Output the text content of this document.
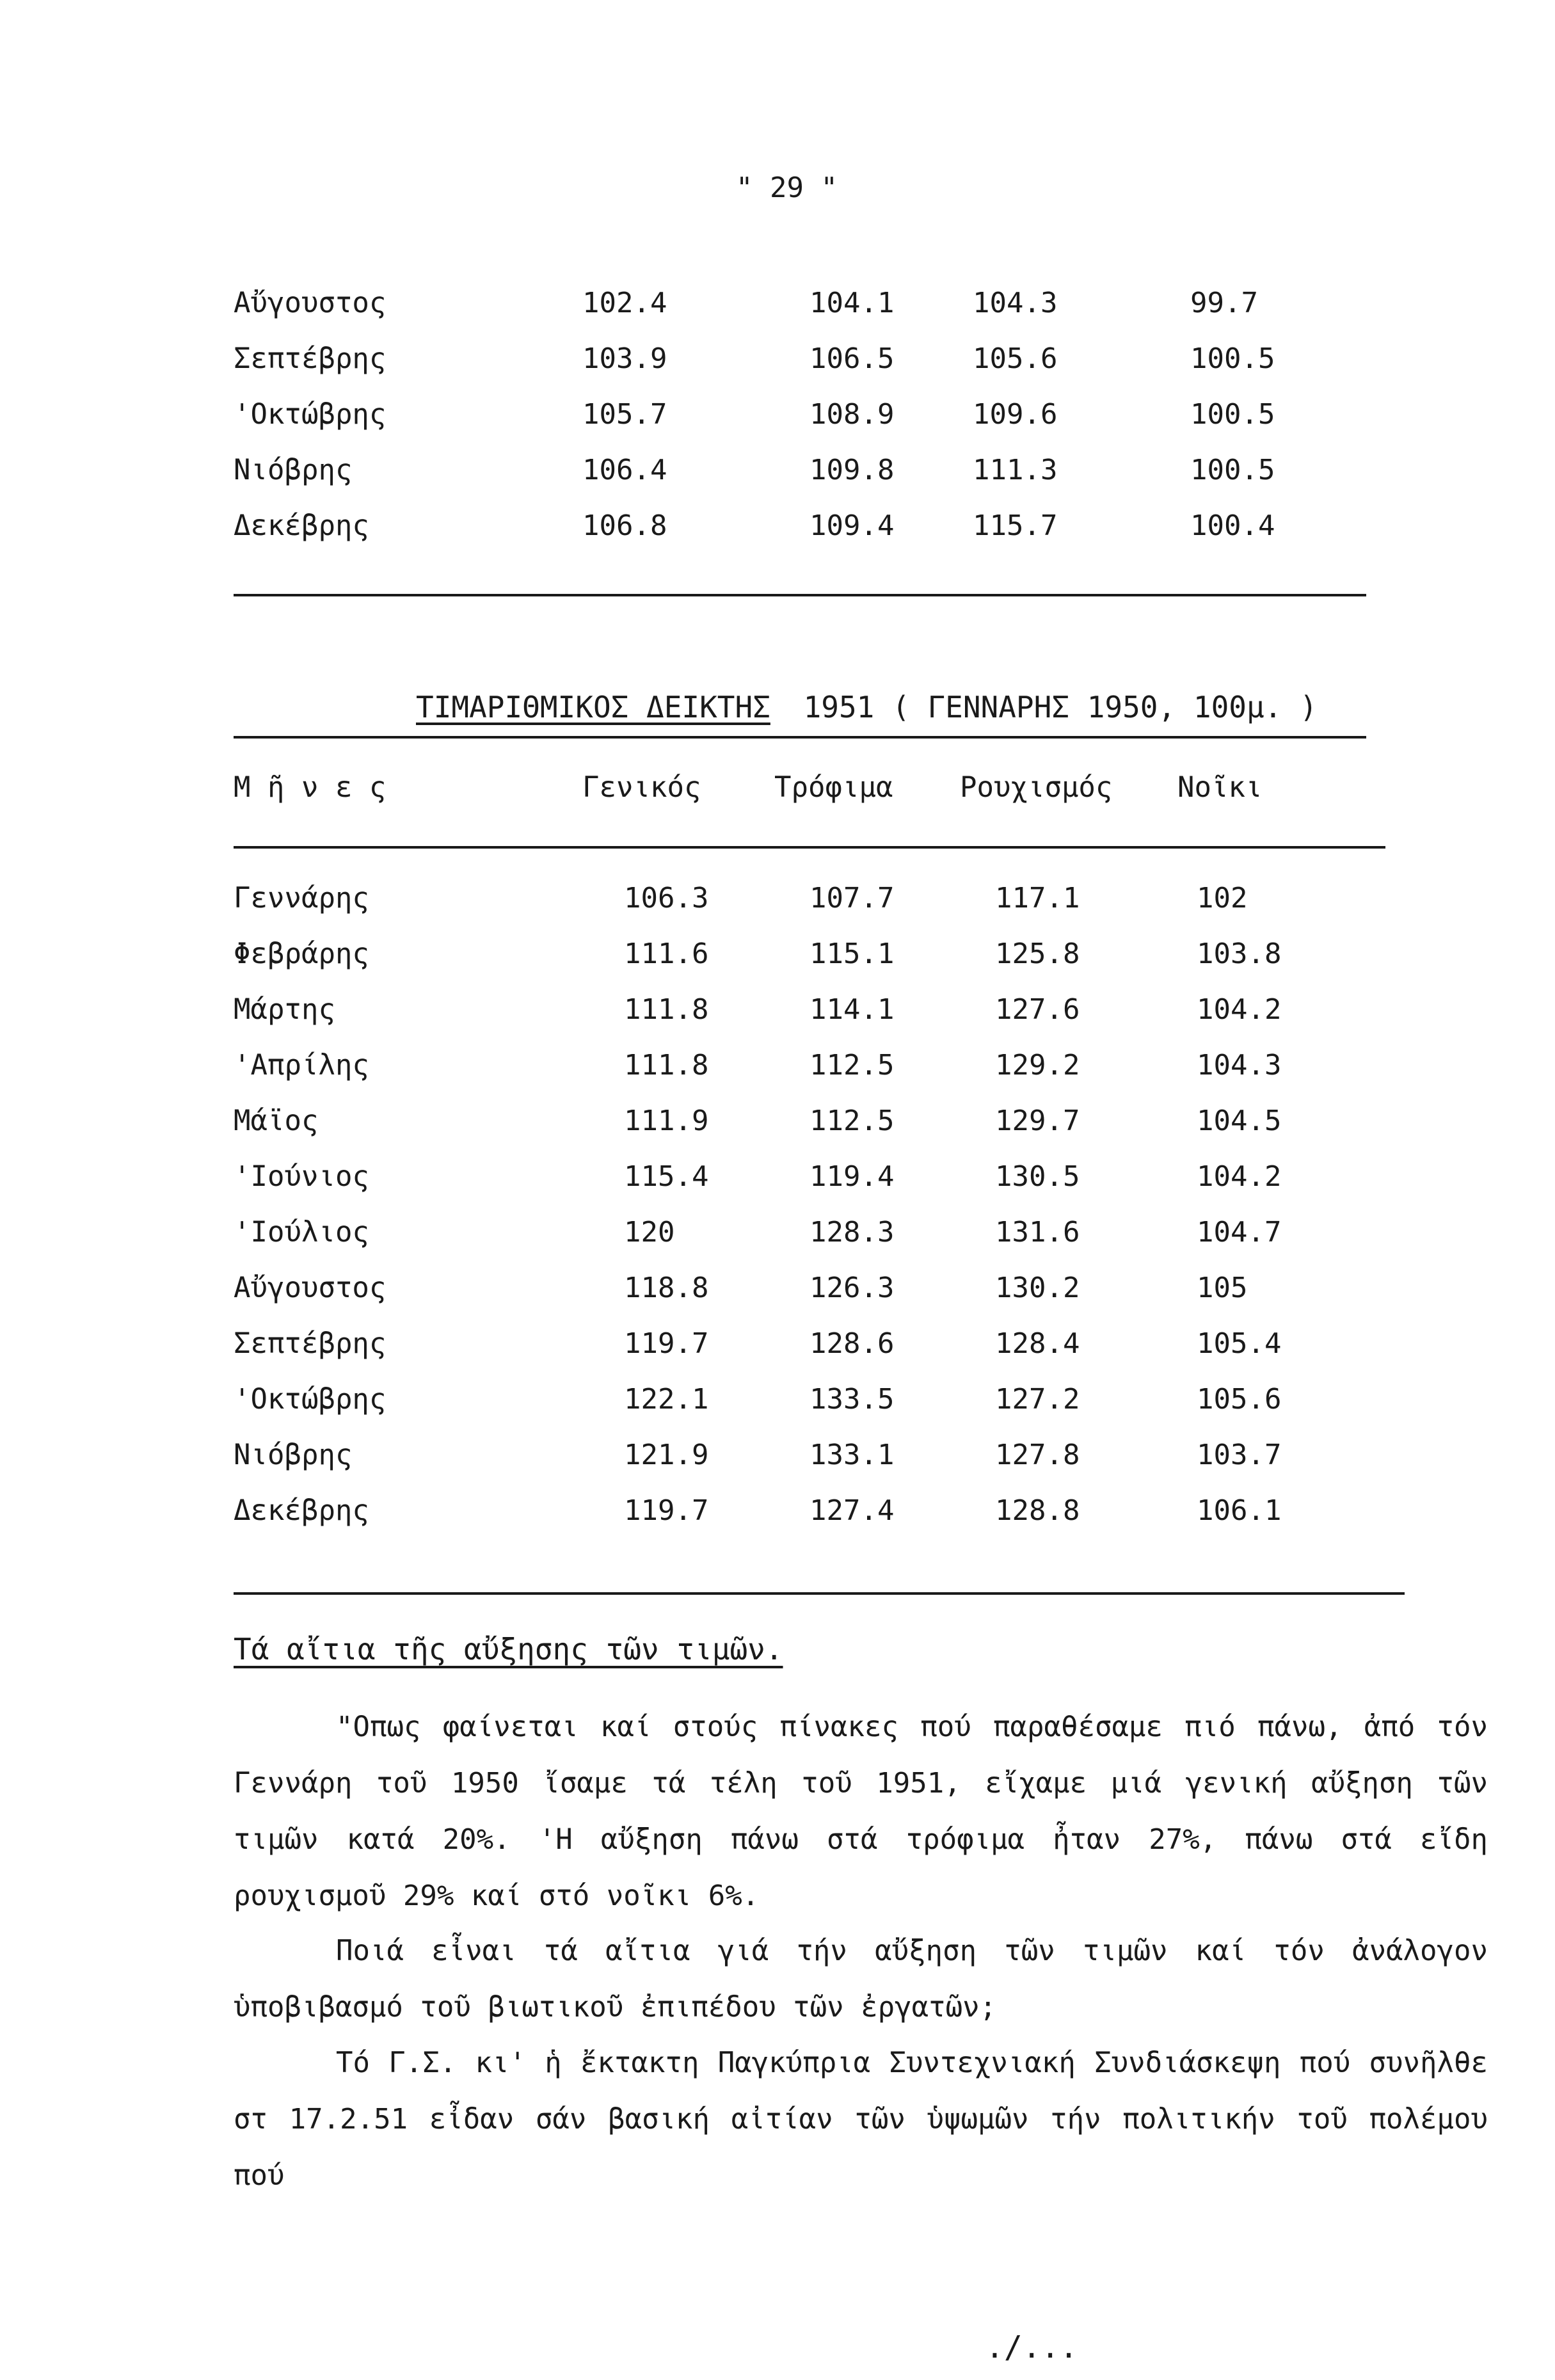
" 29 "
Αὔγουστος	102.4	104.1	104.3	99.7
Σεπτέβρης	103.9	106.5	105.6	100.5
'Οκτώβρης	105.7	108.9	109.6	100.5
Νιόβρης	106.4	109.8	111.3	100.5
Δεκέβρης	106.8	109.4	115.7	100.4
ΤΙΜΑΡΙΘΜΙΚΟΣ ΔΕΙΚΤΗΣ 1951 ( ΓΕΝΝΑΡΗΣ 1950, 100μ. )
Μ ῆ ν ε ς	Γενικός	Τρόφιμα Ρουχισμός Νοῖκι
Γεννάρης	106.3	107.7	117.1	102
Φεβράρης	111.6	115.1	125.8	103.8
Μάρτης	111.8	114.1	127.6	104.2
'Απρίλης	111.8	112.5	129.2	104.3
Μάϊος	111.9	112.5	129.7	104.5
'Ιούνιος	115.4	119.4	130.5	104.2
'Ιούλιος	120	128.3	131.6	104.7
Αὔγουστος	118.8	126.3	130.2	105
Σεπτέβρης	119.7	128.6	128.4	105.4
'Οκτώβρης	122.1	133.5	127.2	105.6
Νιόβρης	121.9	133.1	127.8	103.7
Δεκέβρης	119.7	127.4	128.8	106.1
Τά αἴτια τῆς αὔξησης τῶν τιμῶν.

"Οπως φαίνεται καί στούς πίνακες πού παραθέσαμε πιό πάνω, ἀπό τόν Γεννάρη τοῦ 1950 ἴσαμε τά τέλη τοῦ 1951, εἴχαμε μιά γενική αὔξηση τῶν τιμῶν κατά 20%. 'Η αὔξηση πάνω στά τρόφιμα ἦταν 27%, πάνω στά εἴδη ρουχισμοῦ 29% καί στό νοῖκι 6%.

Ποιά εἶναι τά αἴτια γιά τήν αὔξηση τῶν τιμῶν καί τόν ἀνάλογον ὑποβιβασμό τοῦ βιωτικοῦ ἐπιπέδου τῶν ἐργατῶν;

Τό Γ.Σ. κι' ἡ ἔκτακτη Παγκύπρια Συντεχνιακή Συνδιάσκεψη πού συνῆλθε στ 17.2.51 εἶδαν σάν βασική αἰτίαν τῶν ὑψωμῶν τήν πολιτικήν τοῦ πολέμου πού

./...
